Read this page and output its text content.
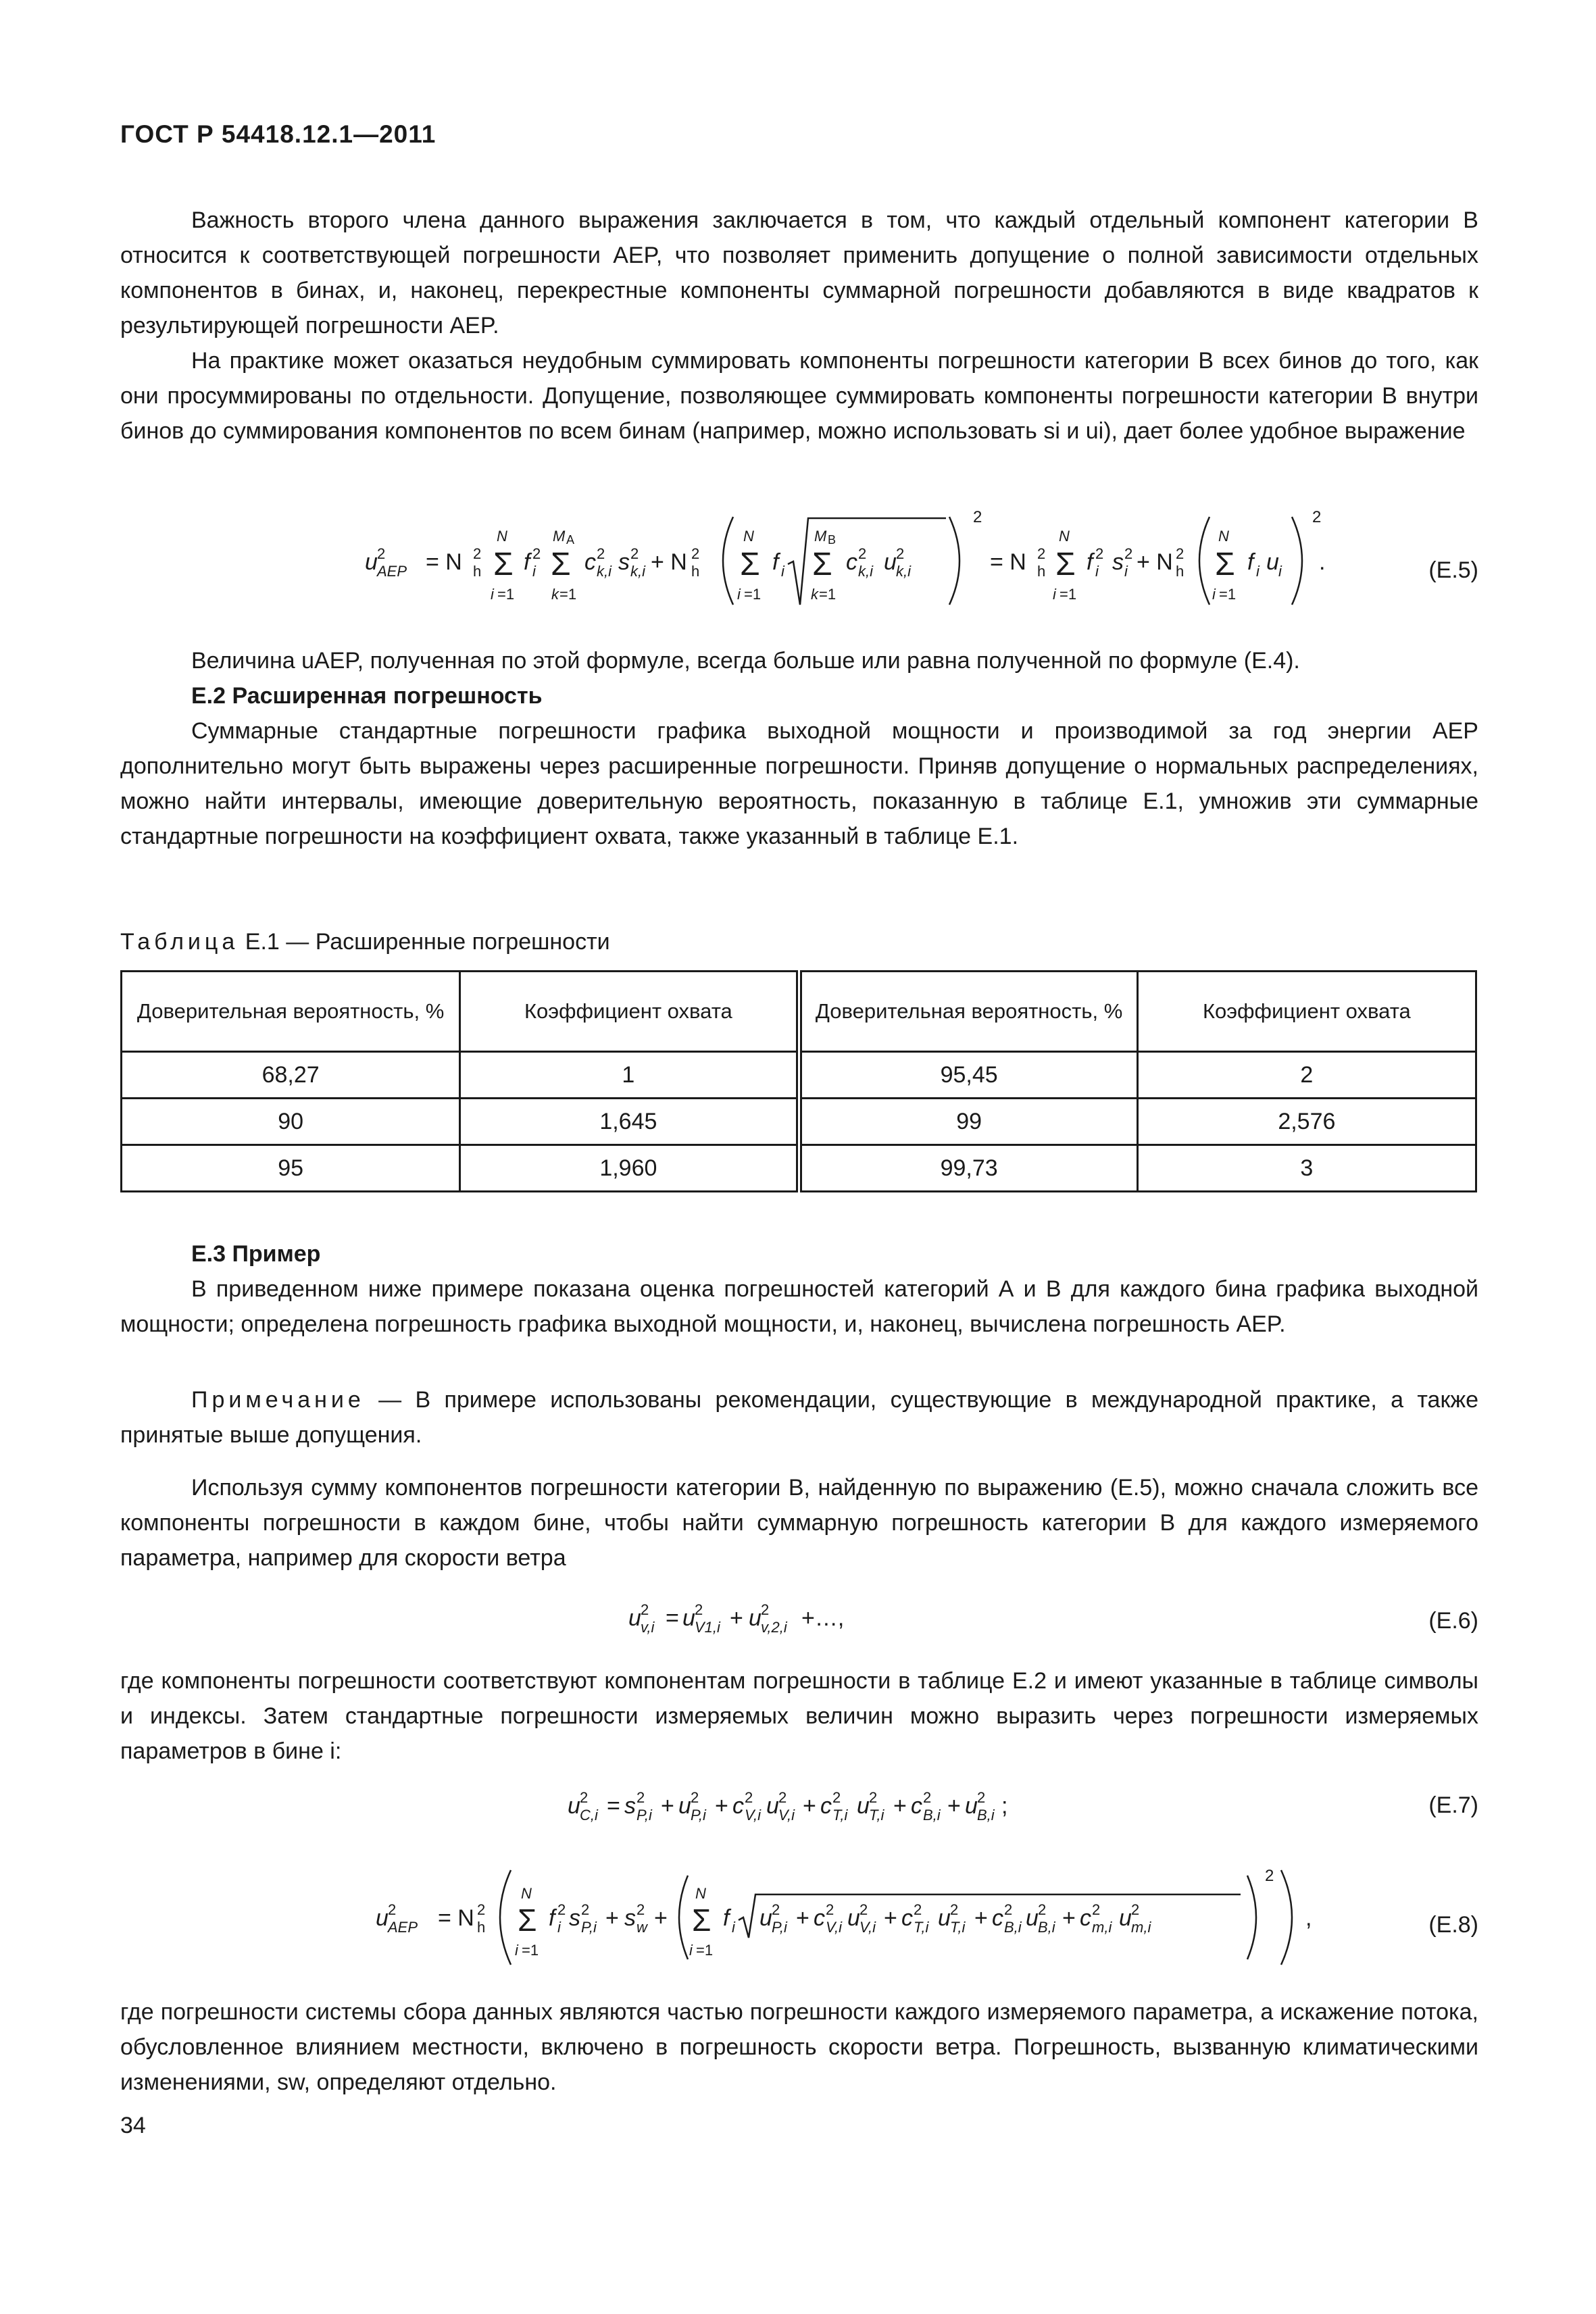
ГОСТ Р 54418.12.1—2011

Важность второго члена данного выражения заключается в том, что каждый отдельный компонент категории В относится к соответствующей погрешности AEP, что позволяет применить допущение о полной зависимости отдельных компонентов в бинах, и, наконец, перекрестные компоненты суммарной погрешности добавляются в виде квадратов к результирующей погрешности AEP.

На практике может оказаться неудобным суммировать компоненты погрешности категории В всех бинов до того, как они просуммированы по отдельности. Допущение, позволяющее суммировать компоненты погрешности категории В внутри бинов до суммирования компонентов по всем бинам (например, можно использовать si и ui), дает более удобное выражение

u 2
AEP = N 2
h Σ
N
i =1
f 2
i Σ
M A
k =1
c 2
k,i s 2
k,i + N 2
h Σ
N
i =1
f i Σ
M B
k =1
c 2
k,i u 2
k,i
2
= N 2
h Σ
N
i =1
f 2
i s 2
i + N 2
h Σ
N
i =1
f i u i
2
.	(E.5)

Величина uAEP, полученная по этой формуле, всегда больше или равна полученной по формуле (E.4).

E.2 Расширенная погрешность

Суммарные стандартные погрешности графика выходной мощности и производимой за год энергии AEP дополнительно могут быть выражены через расширенные погрешности. Приняв допущение о нормальных распределениях, можно найти интервалы, имеющие доверительную вероятность, показанную в таблице E.1, умножив эти суммарные стандартные погрешности на коэффициент охвата, также указанный в таблице E.1.

Таблица E.1 — Расширенные погрешности
Доверительная вероятность, %	Коэффициент охвата	Доверительная вероятность, %	Коэффициент охвата
68,27	1	95,45	2
90	1,645	99	2,576
95	1,960	99,73	3

E.3 Пример

В приведенном ниже примере показана оценка погрешностей категорий А и В для каждого бина графика выходной мощности; определена погрешность графика выходной мощности, и, наконец, вычислена погрешность AEP.

Примечание — В примере использованы рекомендации, существующие в международной практике, а также принятые выше допущения.

Используя сумму компонентов погрешности категории В, найденную по выражению (E.5), можно сначала сложить все компоненты погрешности в каждом бине, чтобы найти суммарную погрешность категории В для каждого измеряемого параметра, например для скорости ветра

u 2
v,i = u 2
V1,i + u 2
v,2,i +…,	(E.6)

где компоненты погрешности соответствуют компонентам погрешности в таблице E.2 и имеют указанные в таблице символы и индексы. Затем стандартные погрешности измеряемых величин можно выразить через погрешности измеряемых параметров в бине i:

u 2
C,i = s 2
P,i + u 2
P,i + c 2
V,i u 2
V,i + c 2
T,i u 2
T,i + c 2
B,i + u 2
B,i ;	(E.7)
u 2
AEP = N 2
h Σ
N
i =1
f 2
i s 2
P,i + s 2
w + Σ
N
i =1
f i u 2
P,i + c 2
V,i u 2
V,i + c 2
T,i u 2
T,i + c 2
B,i u 2
B,i + c 2
m,i u 2
m,i
2
,	(E.8)

где погрешности системы сбора данных являются частью погрешности каждого измеряемого параметра, а искажение потока, обусловленное влиянием местности, включено в погрешность скорости ветра. Погрешность, вызванную климатическими изменениями, sw, определяют отдельно.

34
